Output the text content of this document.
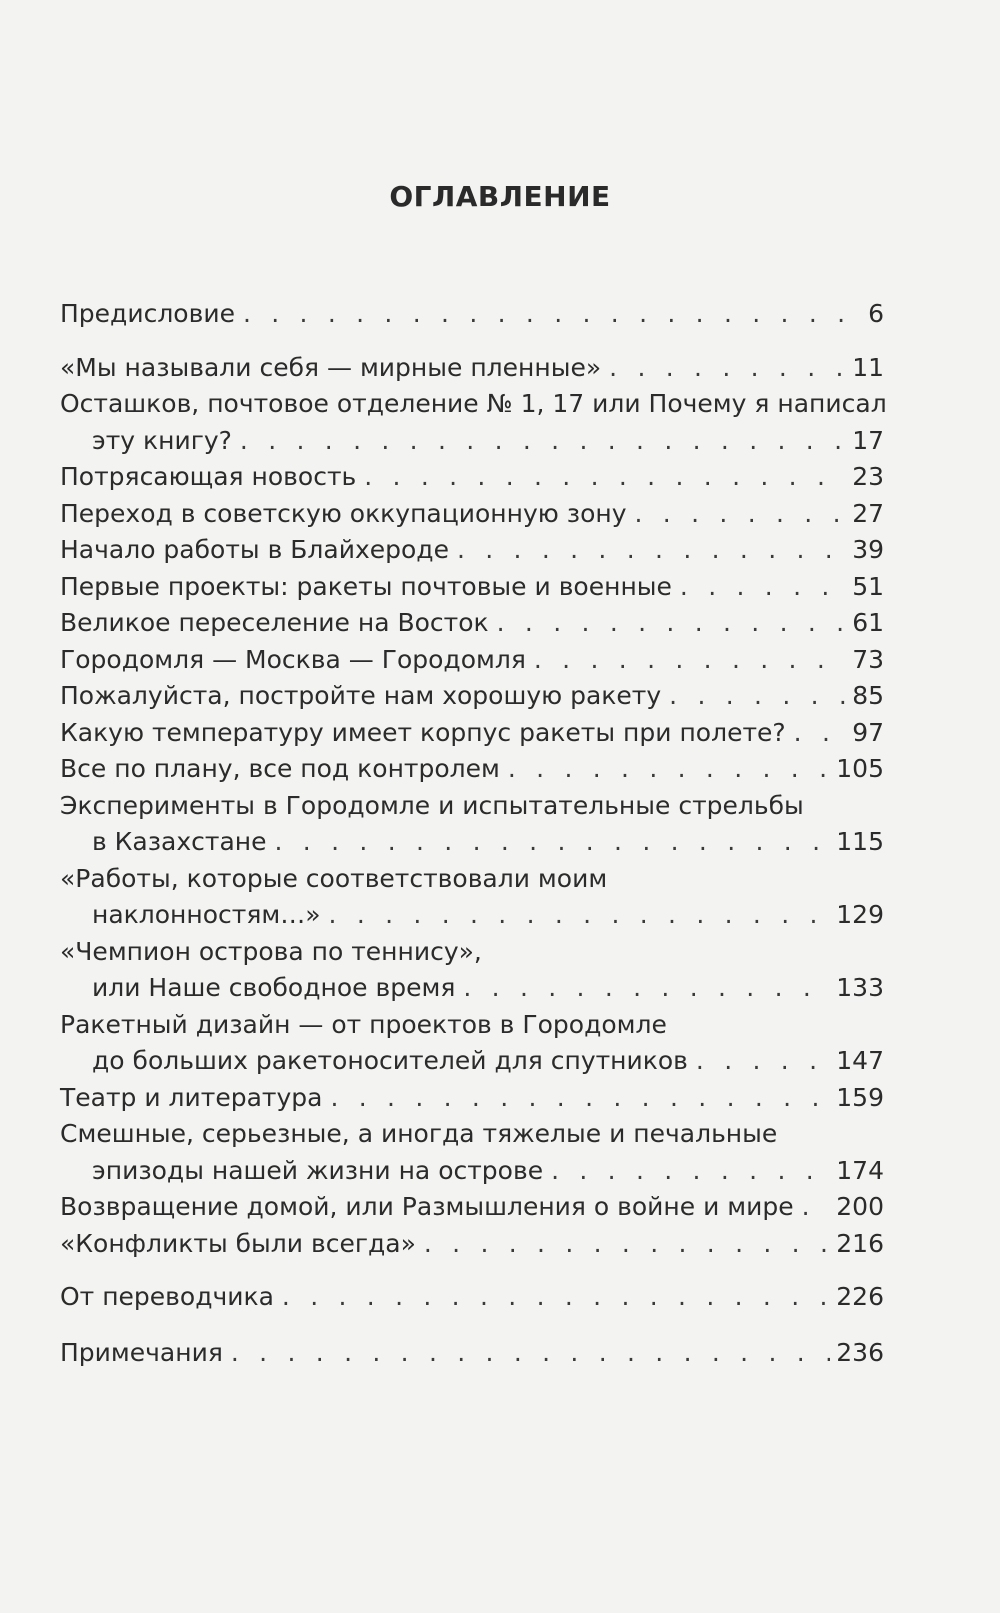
ОГЛАВЛЕНИЕ
Предисловие . . .	6
«Мы называли себя — мирные пленные» . . .	11
Осташков, почтовое отделение № 1, 17 или Почему я написал
эту книгу? . . .	17
Потрясающая новость . . .	23
Переход в советскую оккупационную зону . . .	27
Начало работы в Блайхероде . . .	39
Первые проекты: ракеты почтовые и военные . . .	51
Великое переселение на Восток . . .	61
Городомля — Москва — Городомля . . .	73
Пожалуйста, постройте нам хорошую ракету . . .	85
Какую температуру имеет корпус ракеты при полете? . . .	97
Все по плану, все под контролем . . .	105
Эксперименты в Городомле и испытательные стрельбы
в Казахстане . . .	115
«Работы, которые соответствовали моим
наклонностям…» . . .	129
«Чемпион острова по теннису»,
или Наше свободное время . . .	133
Ракетный дизайн — от проектов в Городомле
до больших ракетоносителей для спутников . . .	147
Театр и литература . . .	159
Смешные, серьезные, а иногда тяжелые и печальные
эпизоды нашей жизни на острове . . .	174
Возвращение домой, или Размышления о войне и мире . . . 200
«Конфликты были всегда» . . .	216
От переводчика . . .	226
Примечания . . .	236
